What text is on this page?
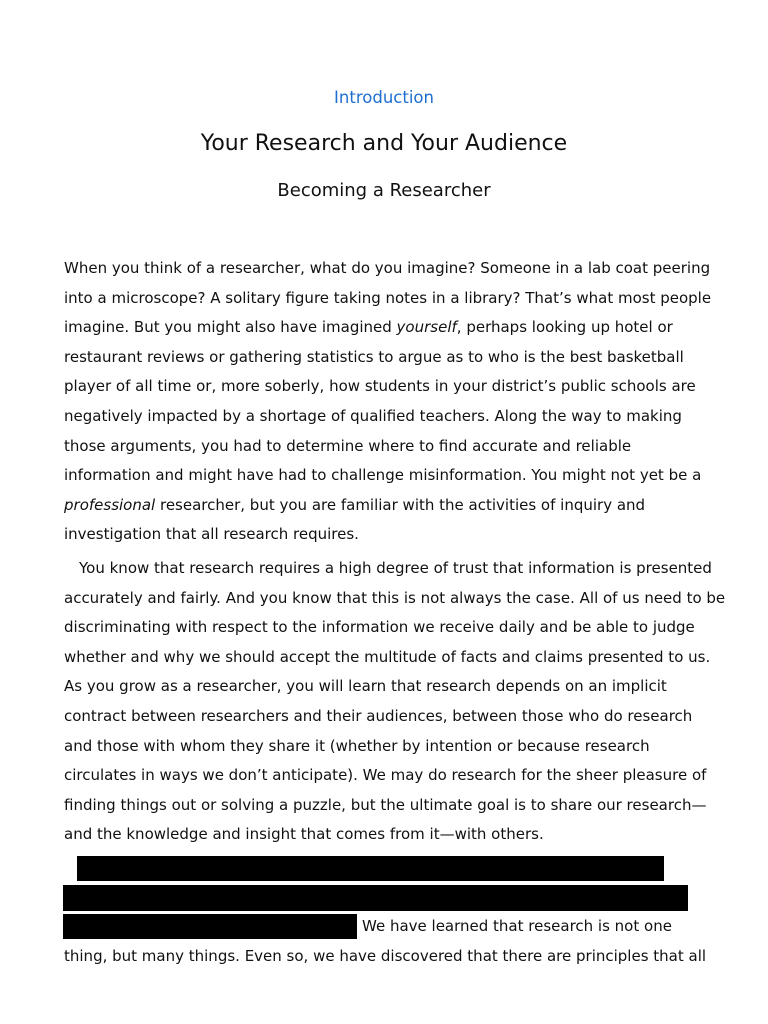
Introduction
Your Research and Your Audience
Becoming a Researcher
When you think of a researcher, what do you imagine? Someone in a lab coat peering
into a microscope? A solitary figure taking notes in a library? That’s what most people
imagine. But you might also have imagined yourself, perhaps looking up hotel or
restaurant reviews or gathering statistics to argue as to who is the best basketball
player of all time or, more soberly, how students in your district’s public schools are
negatively impacted by a shortage of qualified teachers. Along the way to making
those arguments, you had to determine where to find accurate and reliable
information and might have had to challenge misinformation. You might not yet be a
professional researcher, but you are familiar with the activities of inquiry and
investigation that all research requires.
You know that research requires a high degree of trust that information is presented
accurately and fairly. And you know that this is not always the case. All of us need to be
discriminating with respect to the information we receive daily and be able to judge
whether and why we should accept the multitude of facts and claims presented to us.
As you grow as a researcher, you will learn that research depends on an implicit
contract between researchers and their audiences, between those who do research
and those with whom they share it (whether by intention or because research
circulates in ways we don’t anticipate). We may do research for the sheer pleasure of
finding things out or solving a puzzle, but the ultimate goal is to share our research—
and the knowledge and insight that comes from it—with others.
We have learned that research is not one
thing, but many things. Even so, we have discovered that there are principles that all
